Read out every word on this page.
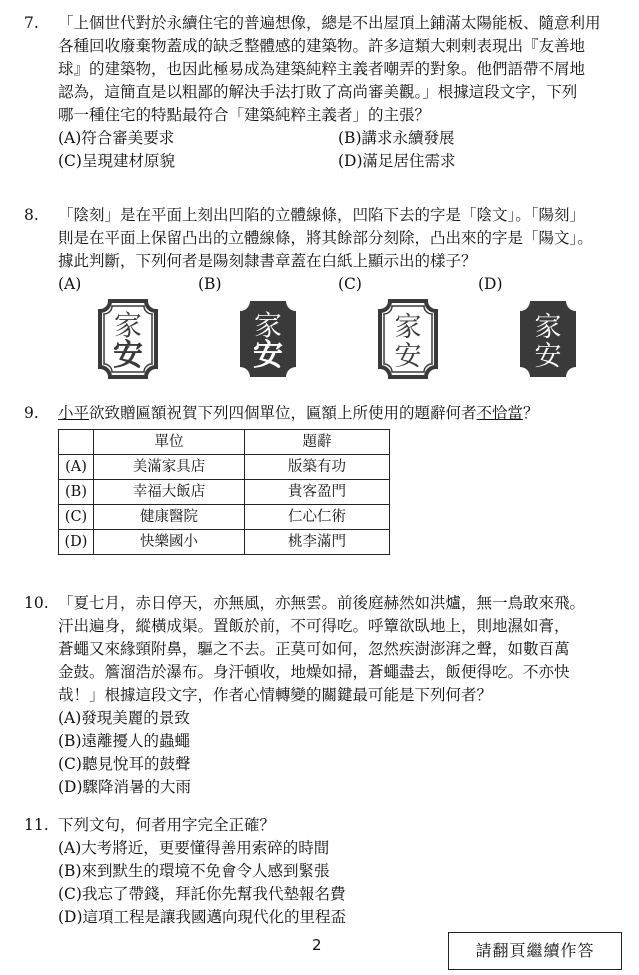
7. 「上個世代對於永續住宅的普遍想像，總是不出屋頂上鋪滿太陽能板、隨意利用
各種回收廢棄物蓋成的缺乏整體感的建築物。許多這類大剌剌表現出『友善地
球』的建築物，也因此極易成為建築純粹主義者嘲弄的對象。他們語帶不屑地
認為，這簡直是以粗鄙的解決手法打敗了高尚審美觀。」根據這段文字，下列
哪一種住宅的特點最符合「建築純粹主義者」的主張？
(A)符合審美要求	(B)講求永續發展
(C)呈現建材原貌	(D)滿足居住需求
8. 「陰刻」是在平面上刻出凹陷的立體線條，凹陷下去的字是「陰文」。「陽刻」
則是在平面上保留凸出的立體線條，將其餘部分刻除，凸出來的字是「陽文」。
據此判斷，下列何者是陽刻隸書章蓋在白紙上顯示出的樣子？
(A)	(B)	(C)	(D)
家
安
家
安
家
安
家
安
9. 小平欲致贈匾額祝賀下列四個單位，匾額上所使用的題辭何者不恰當？
	單位	題辭
(A)	美滿家具店	版築有功
(B)	幸福大飯店	貴客盈門
(C)	健康醫院	仁心仁術
(D)	快樂國小	桃李滿門
10. 「夏七月，赤日停天，亦無風，亦無雲。前後庭赫然如洪爐，無一鳥敢來飛。
汗出遍身，縱橫成渠。置飯於前，不可得吃。呼簟欲臥地上，則地濕如膏，
蒼蠅又來緣頸附鼻，驅之不去。正莫可如何，忽然疾澍澎湃之聲，如數百萬
金鼓。簷溜浩於瀑布。身汗頓收，地燥如掃，蒼蠅盡去，飯便得吃。不亦快
哉！」根據這段文字，作者心情轉變的關鍵最可能是下列何者？
(A)發現美麗的景致
(B)遠離擾人的蟲蠅
(C)聽見悅耳的鼓聲
(D)驟降消暑的大雨
11. 下列文句，何者用字完全正確？
(A)大考將近，更要懂得善用索碎的時間
(B)來到默生的環境不免會令人感到緊張
(C)我忘了帶錢，拜託你先幫我代墊報名費
(D)這項工程是讓我國邁向現代化的里程盃
2	請翻頁繼續作答
